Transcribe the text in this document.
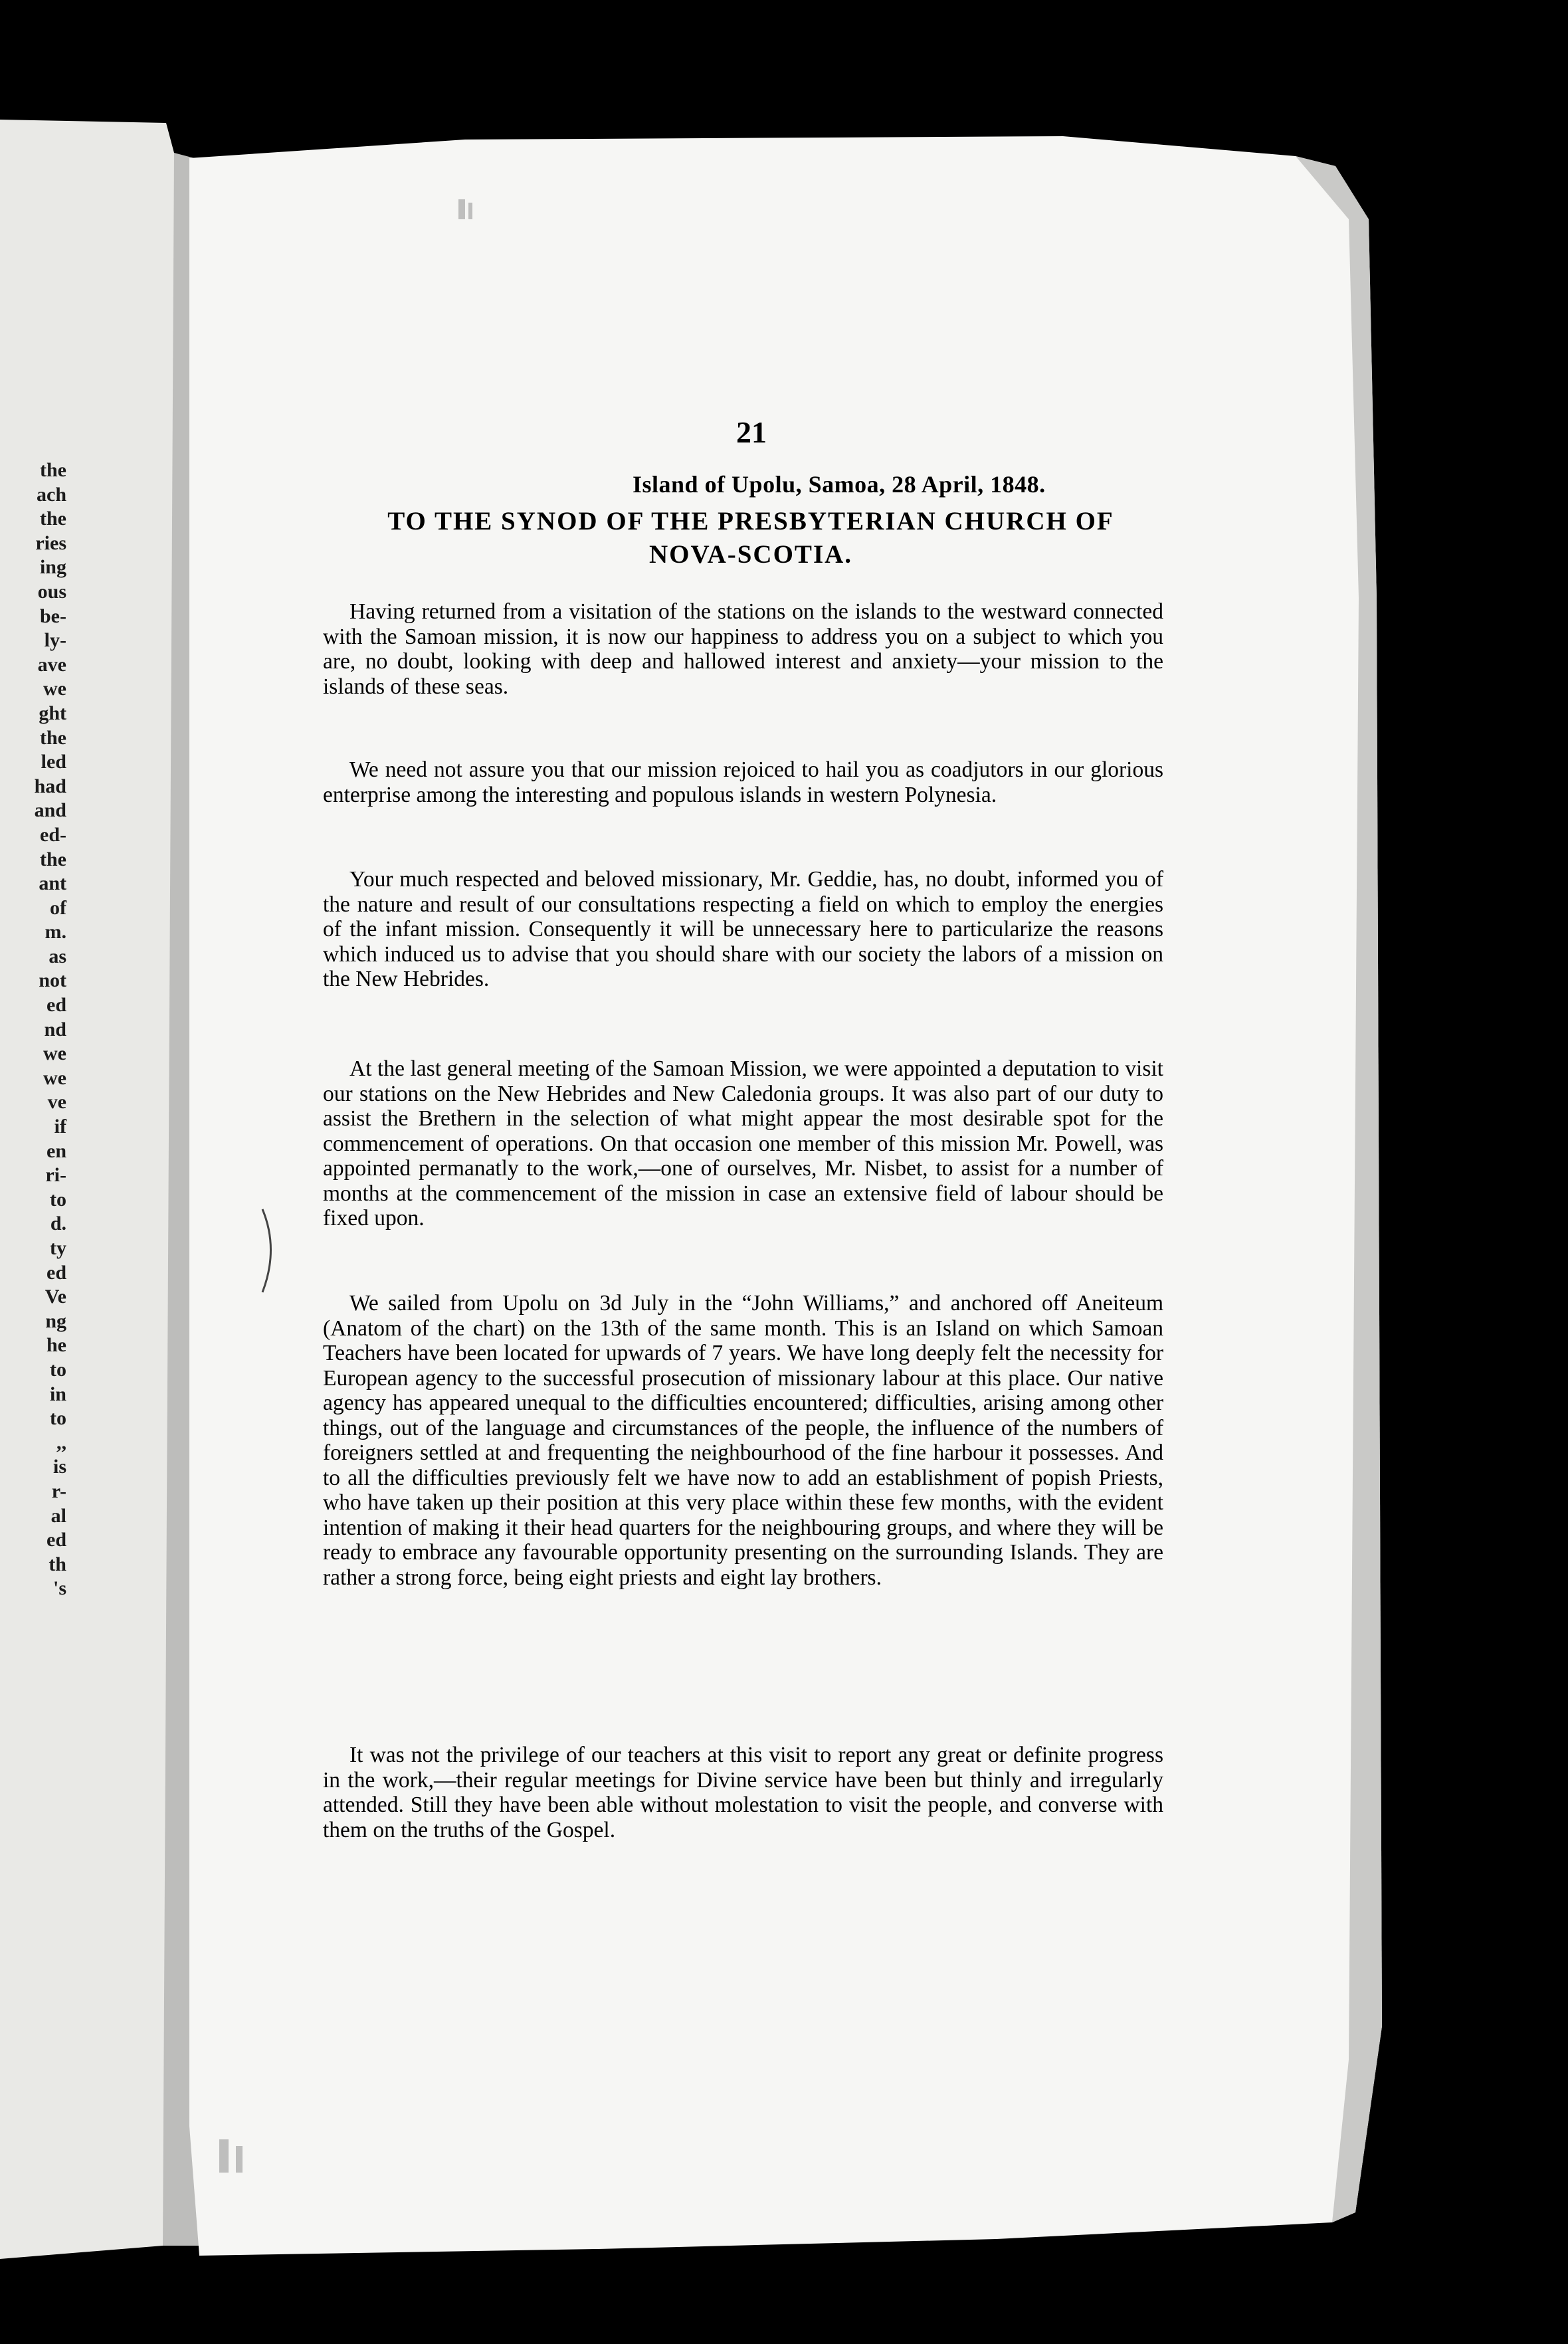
the
ach
the
ries
ing
ous
be-
ly-
ave
we
ght
the
led
had
and
ed-
the
ant
of
m.
as
not
ed
nd
we
we
ve
if
en
ri-
to
d.
ty
ed
Ve
ng
he
to
in
to
,,
is
r-
al
ed
th
's
21
Island of Upolu, Samoa, 28 April, 1848.
TO THE SYNOD OF THE PRESBYTERIAN CHURCH OF
NOVA-SCOTIA.
Having returned from a visitation of the stations on the islands to the westward connected with the Samoan mission, it is now our happiness to address you on a subject to which you are, no doubt, looking with deep and hallowed interest and anxiety—your mission to the islands of these seas.
We need not assure you that our mission rejoiced to hail you as coadjutors in our glorious enterprise among the interesting and populous islands in western Polynesia.
Your much respected and beloved missionary, Mr. Geddie, has, no doubt, informed you of the nature and result of our consultations respecting a field on which to employ the energies of the infant mission. Consequently it will be unnecessary here to particularize the reasons which induced us to advise that you should share with our society the labors of a mission on the New Hebrides.
At the last general meeting of the Samoan Mission, we were appointed a deputation to visit our stations on the New Hebrides and New Caledonia groups. It was also part of our duty to assist the Brethern in the selection of what might appear the most desirable spot for the commencement of operations. On that occasion one member of this mission Mr. Powell, was appointed permanatly to the work,—one of ourselves, Mr. Nisbet, to assist for a number of months at the commencement of the mission in case an extensive field of labour should be fixed upon.
We sailed from Upolu on 3d July in the “John Williams,” and anchored off Aneiteum (Anatom of the chart) on the 13th of the same month. This is an Island on which Samoan Teachers have been located for upwards of 7 years. We have long deeply felt the necessity for European agency to the successful prosecution of missionary labour at this place. Our native agency has appeared unequal to the difficulties encountered; difficulties, arising among other things, out of the language and circumstances of the people, the influence of the numbers of foreigners settled at and frequenting the neighbourhood of the fine harbour it possesses. And to all the difficulties previously felt we have now to add an establishment of popish Priests, who have taken up their position at this very place within these few months, with the evident intention of making it their head quarters for the neighbouring groups, and where they will be ready to embrace any favourable opportunity presenting on the surrounding Islands. They are rather a strong force, being eight priests and eight lay brothers.
It was not the privilege of our teachers at this visit to report any great or definite progress in the work,—their regular meetings for Divine service have been but thinly and irregularly attended. Still they have been able without molestation to visit the people, and converse with them on the truths of the Gospel.
